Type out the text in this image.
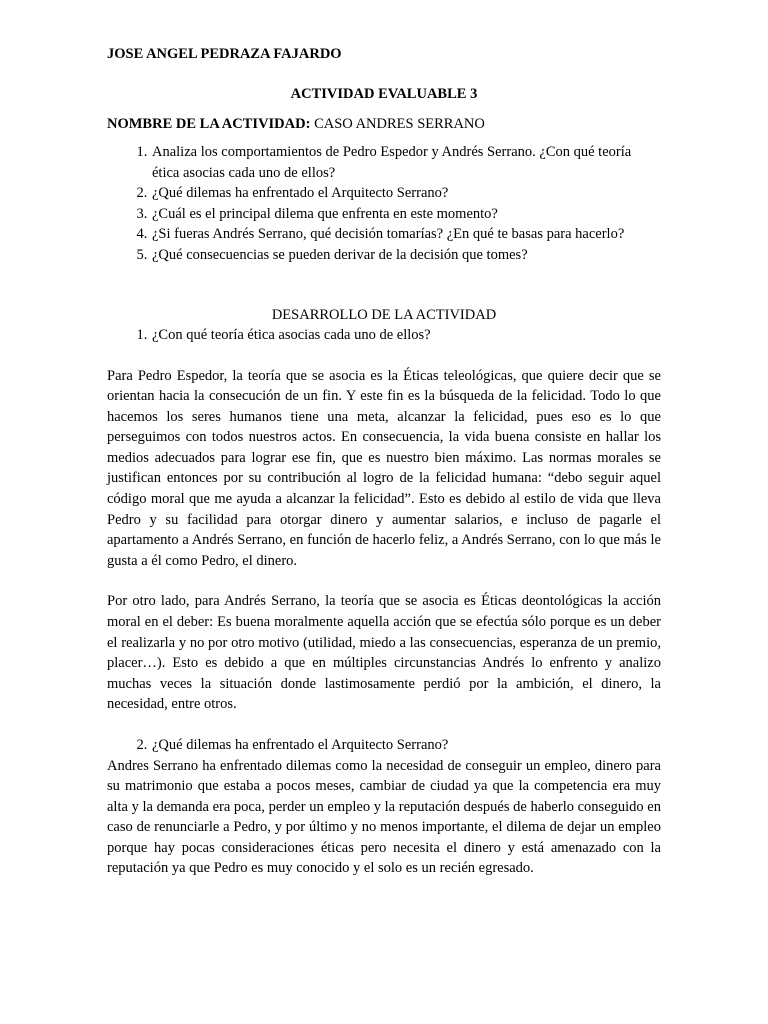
JOSE ANGEL PEDRAZA FAJARDO

ACTIVIDAD EVALUABLE 3

NOMBRE DE LA ACTIVIDAD: CASO ANDRES SERRANO

1. Analiza los comportamientos de Pedro Espedor y Andrés Serrano. ¿Con qué teoría ética asocias cada uno de ellos?
2. ¿Qué dilemas ha enfrentado el Arquitecto Serrano?
3. ¿Cuál es el principal dilema que enfrenta en este momento?
4. ¿Si fueras Andrés Serrano, qué decisión tomarías? ¿En qué te basas para hacerlo?
5. ¿Qué consecuencias se pueden derivar de la decisión que tomes?

DESARROLLO DE LA ACTIVIDAD

1. ¿Con qué teoría ética asocias cada uno de ellos?

Para Pedro Espedor, la teoría que se asocia es la Éticas teleológicas, que quiere decir que se orientan hacia la consecución de un fin. Y este fin es la búsqueda de la felicidad. Todo lo que hacemos los seres humanos tiene una meta, alcanzar la felicidad, pues eso es lo que perseguimos con todos nuestros actos. En consecuencia, la vida buena consiste en hallar los medios adecuados para lograr ese fin, que es nuestro bien máximo. Las normas morales se justifican entonces por su contribución al logro de la felicidad humana: “debo seguir aquel código moral que me ayuda a alcanzar la felicidad”. Esto es debido al estilo de vida que lleva Pedro y su facilidad para otorgar dinero y aumentar salarios, e incluso de pagarle el apartamento a Andrés Serrano, en función de hacerlo feliz, a Andrés Serrano, con lo que más le gusta a él como Pedro, el dinero.

Por otro lado, para Andrés Serrano, la teoría que se asocia es Éticas deontológicas la acción moral en el deber: Es buena moralmente aquella acción que se efectúa sólo porque es un deber el realizarla y no por otro motivo (utilidad, miedo a las consecuencias, esperanza de un premio, placer…). Esto es debido a que en múltiples circunstancias Andrés lo enfrento y analizo muchas veces la situación donde lastimosamente perdió por la ambición, el dinero, la necesidad, entre otros.

2. ¿Qué dilemas ha enfrentado el Arquitecto Serrano?

Andres Serrano ha enfrentado dilemas como la necesidad de conseguir un empleo, dinero para su matrimonio que estaba a pocos meses, cambiar de ciudad ya que la competencia era muy alta y la demanda era poca, perder un empleo y la reputación después de haberlo conseguido en caso de renunciarle a Pedro, y por último y no menos importante, el dilema de dejar un empleo porque hay pocas consideraciones éticas pero necesita el dinero y está amenazado con la reputación ya que Pedro es muy conocido y el solo es un recién egresado.
